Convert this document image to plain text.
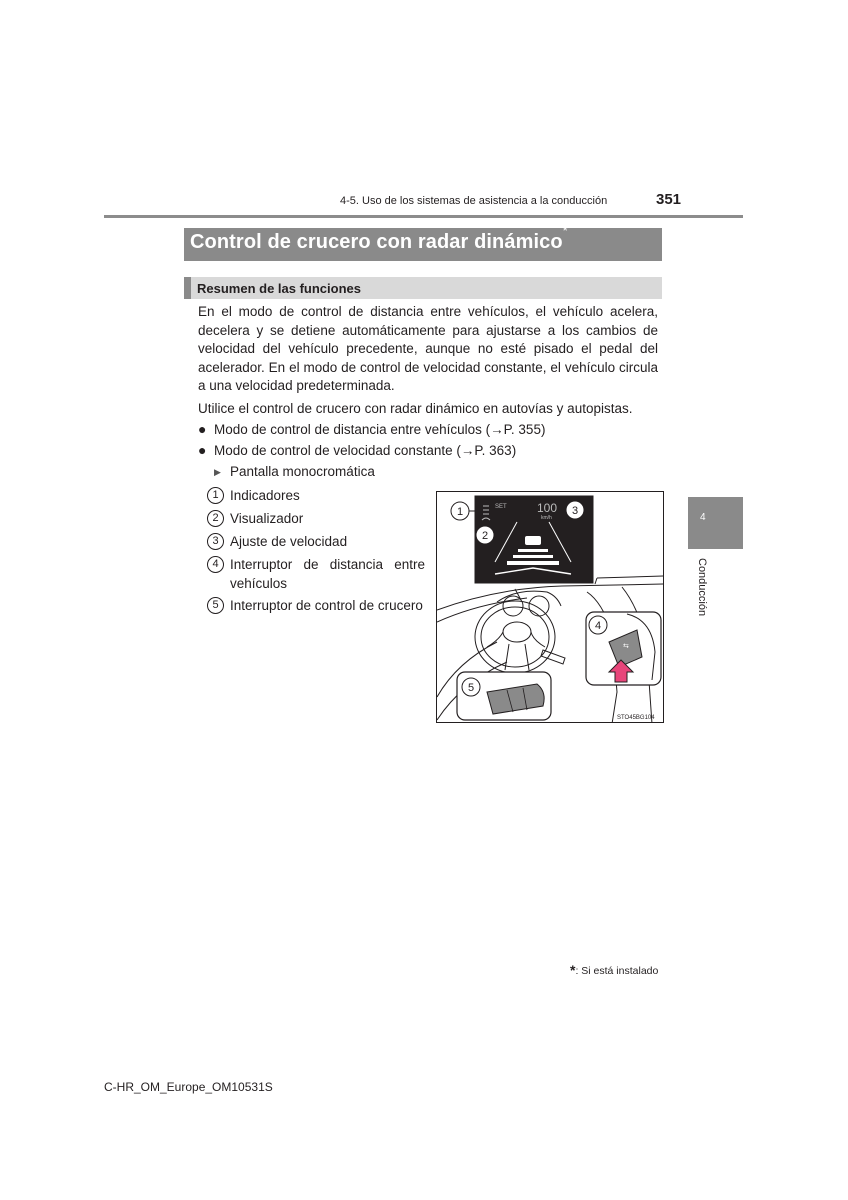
4-5. Uso de los sistemas de asistencia a la conducción	351
Control de crucero con radar dinámico
*
Resumen de las funciones
En el modo de control de distancia entre vehículos, el vehículo acelera, decelera y se detiene automáticamente para ajustarse a los cambios de velocidad del vehículo precedente, aunque no esté pisado el pedal del acelerador. En el modo de control de velocidad constante, el vehículo circula a una velocidad predeterminada.
Utilice el control de crucero con radar dinámico en autovías y autopistas.
● Modo de control de distancia entre vehículos (→P. 355)
● Modo de control de velocidad constante (→P. 363)
▶ Pantalla monocromática
1 Indicadores
2 Visualizador
3 Ajuste de velocidad
4 Interruptor de distancia entre vehículos
5 Interruptor de control de crucero
SET	100
km/h
1
2
3
⇆
4
5
STO45BG104
4
Conducción
*: Si está instalado
C-HR_OM_Europe_OM10531S
